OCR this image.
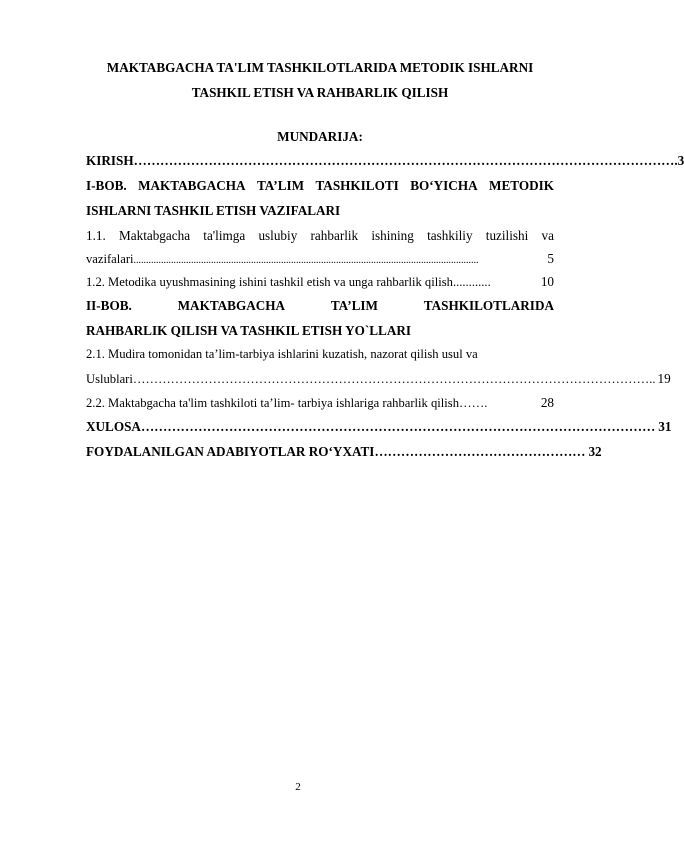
MAKTABGACHA TA'LIM TASHKILOTLARIDA METODIK ISHLARNI
TASHKIL ETISH VA RAHBARLIK QILISH
MUNDARIJA:
KIRISH …………………………………………………………………………………………………………… .3
I-BOB. MAKTABGACHA TA’LIM TASHKILOTI BO‘YICHA METODIK
ISHLARNI TASHKIL ETISH VAZIFALARI
1.1. Maktabgacha ta'limga uslubiy rahbarlik ishining tashkiliy tuzilishi va
vazifalari ..........................................................................................................................................	5
1.2. Metodika uyushmasining ishini tashkil etish va unga rahbarlik qilish ............	10
II-BOB.	MAKTABGACHA	TA’LIM	TASHKILOTLARIDA
RAHBARLIK QILISH VA TASHKIL ETISH YO`LLARI
2.1. Mudira tomonidan ta’lim-tarbiya ishlarini kuzatish, nazorat qilish usul va
Uslublari …………………………………………………………………………………………………………….. 19
2.2. Maktabgacha ta'lim tashkiloti ta’lim- tarbiya ishlariga rahbarlik qilish …….	28
XULOSA ……………………………………………………………………………………………………… 31
FOYDALANILGAN ADABIYOTLAR RO‘YXATI ………………………………………… 32
2
